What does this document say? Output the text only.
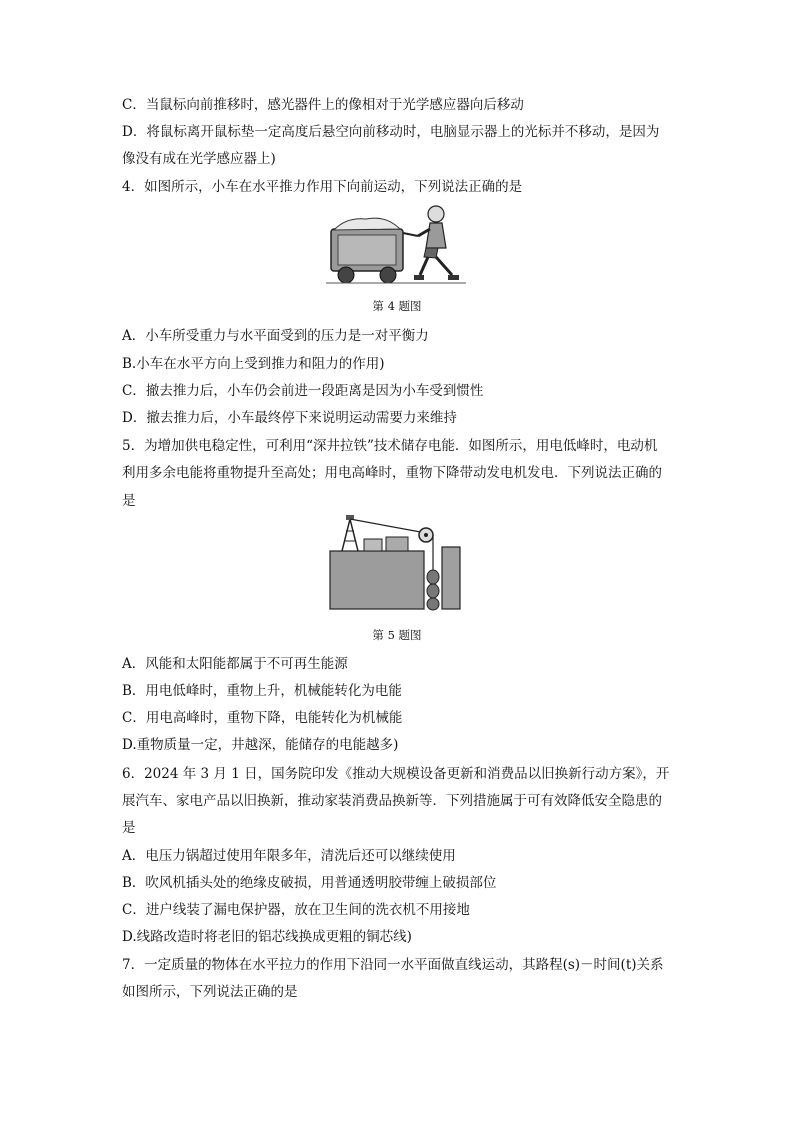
C．当鼠标向前推移时，感光器件上的像相对于光学感应器向后移动
D．将鼠标离开鼠标垫一定高度后悬空向前移动时，电脑显示器上的光标并不移动，是因为
像没有成在光学感应器上)
4．如图所示，小车在水平推力作用下向前运动，下列说法正确的是
第 4 题图
A．小车所受重力与水平面受到的压力是一对平衡力
B.小车在水平方向上受到推力和阻力的作用)
C．撤去推力后，小车仍会前进一段距离是因为小车受到惯性
D．撤去推力后，小车最终停下来说明运动需要力来维持
5．为增加供电稳定性，可利用“深井拉铁”技术储存电能．如图所示，用电低峰时，电动机
利用多余电能将重物提升至高处；用电高峰时，重物下降带动发电机发电．下列说法正确的
是
第 5 题图
A．风能和太阳能都属于不可再生能源
B．用电低峰时，重物上升，机械能转化为电能
C．用电高峰时，重物下降，电能转化为机械能
D.重物质量一定，井越深，能储存的电能越多)
6．2024 年 3 月 1 日，国务院印发《推动大规模设备更新和消费品以旧换新行动方案》，开
展汽车、家电产品以旧换新，推动家装消费品换新等．下列措施属于可有效降低安全隐患的
是
A．电压力锅超过使用年限多年，清洗后还可以继续使用
B．吹风机插头处的绝缘皮破损，用普通透明胶带缠上破损部位
C．进户线装了漏电保护器，放在卫生间的洗衣机不用接地
D.线路改造时将老旧的铝芯线换成更粗的铜芯线)
7．一定质量的物体在水平拉力的作用下沿同一水平面做直线运动，其路程(s)－时间(t)关系
如图所示，下列说法正确的是
